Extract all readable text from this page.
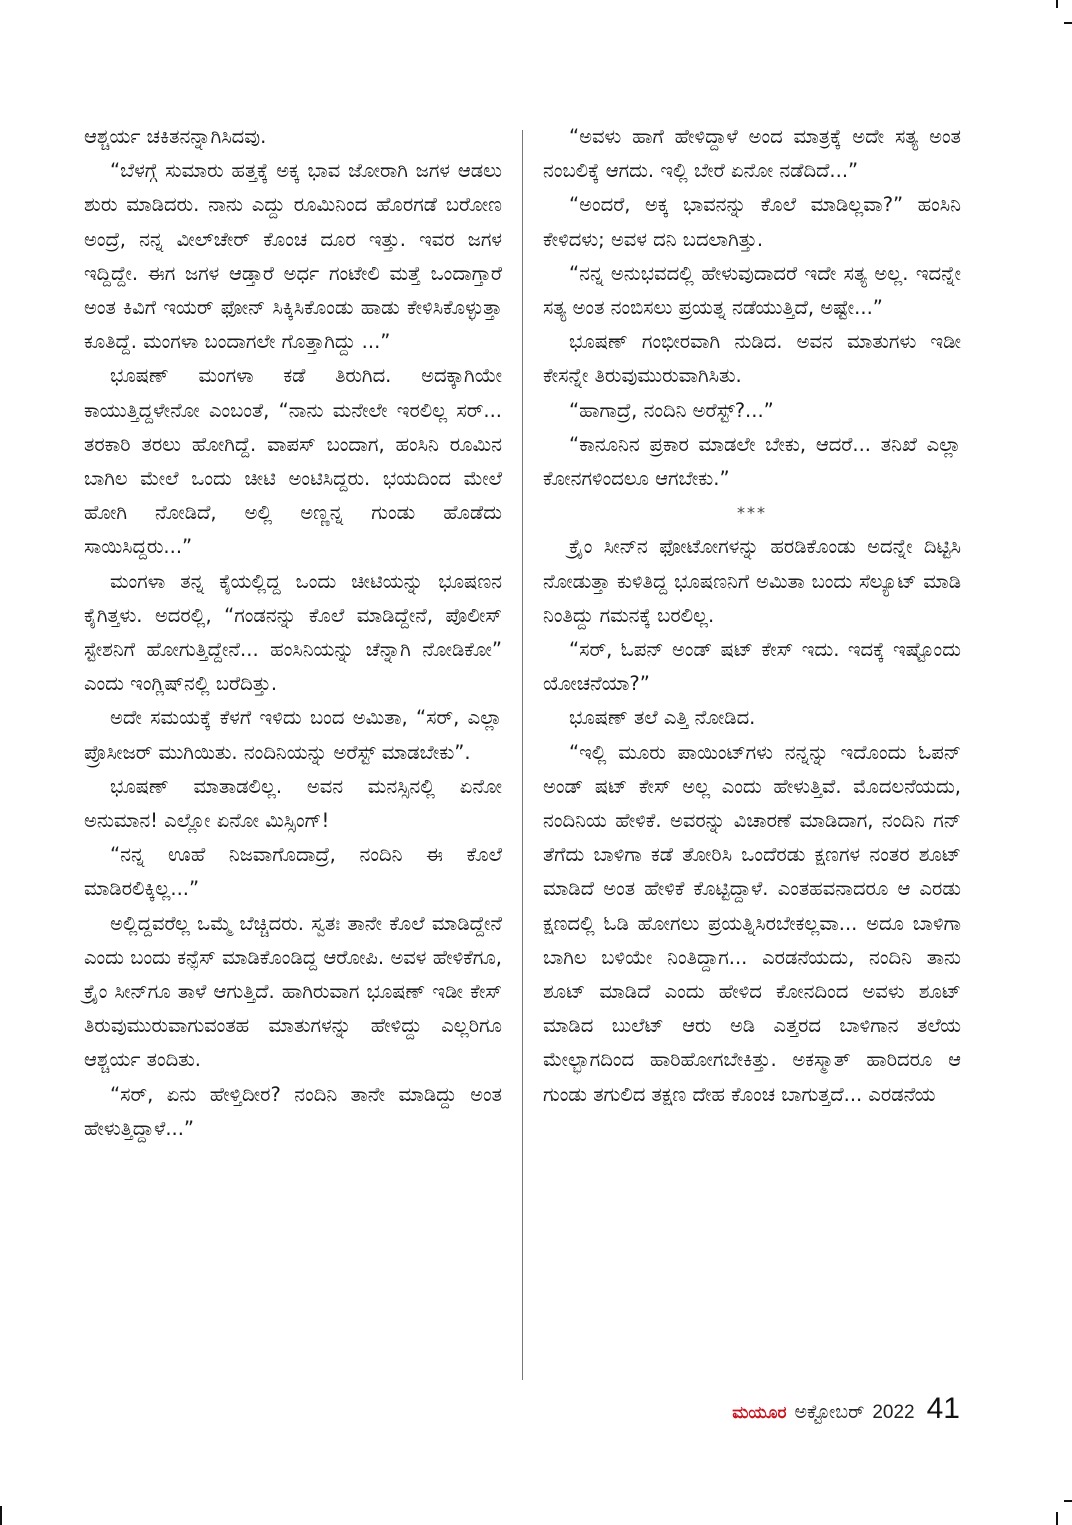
ಆಶ್ಚರ್ಯ ಚಕಿತನನ್ನಾಗಿಸಿದವು.

“ಬೆಳಗ್ಗೆ ಸುಮಾರು ಹತ್ತಕ್ಕೆ ಅಕ್ಕ ಭಾವ ಜೋರಾಗಿ ಜಗಳ ಆಡಲು ಶುರು ಮಾಡಿದರು. ನಾನು ಎದ್ದು ರೂಮಿನಿಂದ ಹೊರಗಡೆ ಬರೋಣ ಅಂದ್ರೆ, ನನ್ನ ವೀಲ್‌ಚೇರ್ ಕೊಂಚ ದೂರ ಇತ್ತು. ಇವರ ಜಗಳ ಇದ್ದಿದ್ದೇ. ಈಗ ಜಗಳ ಆಡ್ತಾರೆ ಅರ್ಧ ಗಂಟೇಲಿ ಮತ್ತೆ ಒಂದಾಗ್ತಾರೆ ಅಂತ ಕಿವಿಗೆ ಇಯರ್ ಫೋನ್ ಸಿಕ್ಕಿಸಿಕೊಂಡು ಹಾಡು ಕೇಳಿಸಿಕೊಳ್ಳುತ್ತಾ ಕೂತಿದ್ದೆ. ಮಂಗಳಾ ಬಂದಾಗಲೇ ಗೊತ್ತಾಗಿದ್ದು ...”

ಭೂಷಣ್ ಮಂಗಳಾ ಕಡೆ ತಿರುಗಿದ. ಅದಕ್ಕಾಗಿಯೇ ಕಾಯುತ್ತಿದ್ದಳೇನೋ ಎಂಬಂತೆ, “ನಾನು ಮನೇಲೇ ಇರಲಿಲ್ಲ ಸರ್... ತರಕಾರಿ ತರಲು ಹೋಗಿದ್ದೆ. ವಾಪಸ್ ಬಂದಾಗ, ಹಂಸಿನಿ ರೂಮಿನ ಬಾಗಿಲ ಮೇಲೆ ಒಂದು ಚೀಟಿ ಅಂಟಿಸಿದ್ದರು. ಭಯದಿಂದ ಮೇಲೆ ಹೋಗಿ ನೋಡಿದೆ, ಅಲ್ಲಿ ಅಣ್ಣನ್ನ ಗುಂಡು ಹೊಡೆದು ಸಾಯಿಸಿದ್ದರು...”

ಮಂಗಳಾ ತನ್ನ ಕೈಯಲ್ಲಿದ್ದ ಒಂದು ಚೀಟಿಯನ್ನು ಭೂಷಣನ ಕೈಗಿತ್ತಳು. ಅದರಲ್ಲಿ, “ಗಂಡನನ್ನು ಕೊಲೆ ಮಾಡಿದ್ದೇನೆ, ಪೊಲೀಸ್ ಸ್ಟೇಶನಿಗೆ ಹೋಗುತ್ತಿದ್ದೇನೆ... ಹಂಸಿನಿಯನ್ನು ಚೆನ್ನಾಗಿ ನೋಡಿಕೋ” ಎಂದು ಇಂಗ್ಲಿಷ್‌ನಲ್ಲಿ ಬರೆದಿತ್ತು.

ಅದೇ ಸಮಯಕ್ಕೆ ಕೆಳಗೆ ಇಳಿದು ಬಂದ ಅಮಿತಾ, “ಸರ್, ಎಲ್ಲಾ ಪ್ರೊಸೀಜರ್ ಮುಗಿಯಿತು. ನಂದಿನಿಯನ್ನು ಅರೆಸ್ಟ್ ಮಾಡಬೇಕು”.

ಭೂಷಣ್ ಮಾತಾಡಲಿಲ್ಲ. ಅವನ ಮನಸ್ಸಿನಲ್ಲಿ ಏನೋ ಅನುಮಾನ! ಎಲ್ಲೋ ಏನೋ ಮಿಸ್ಸಿಂಗ್!

“ನನ್ನ ಊಹೆ ನಿಜವಾಗೊದಾದ್ರೆ, ನಂದಿನಿ ಈ ಕೊಲೆ ಮಾಡಿರಲಿಕ್ಕಿಲ್ಲ...”

ಅಲ್ಲಿದ್ದವರೆಲ್ಲ ಒಮ್ಮೆ ಬೆಚ್ಚಿದರು. ಸ್ವತಃ ತಾನೇ ಕೊಲೆ ಮಾಡಿದ್ದೇನೆ ಎಂದು ಬಂದು ಕನ್ಫೆಸ್ ಮಾಡಿಕೊಂಡಿದ್ದ ಆರೋಪಿ. ಅವಳ ಹೇಳಿಕೆಗೂ, ಕ್ರೈಂ ಸೀನ್‌ಗೂ ತಾಳೆ ಆಗುತ್ತಿದೆ. ಹಾಗಿರುವಾಗ ಭೂಷಣ್ ಇಡೀ ಕೇಸ್ ತಿರುವುಮುರುವಾಗುವಂತಹ ಮಾತುಗಳನ್ನು ಹೇಳಿದ್ದು ಎಲ್ಲರಿಗೂ ಆಶ್ಚರ್ಯ ತಂದಿತು.

“ಸರ್, ಏನು ಹೇಳ್ತಿದೀರ? ನಂದಿನಿ ತಾನೇ ಮಾಡಿದ್ದು ಅಂತ ಹೇಳುತ್ತಿದ್ದಾಳೆ...”

“ಅವಳು ಹಾಗೆ ಹೇಳಿದ್ದಾಳೆ ಅಂದ ಮಾತ್ರಕ್ಕೆ ಅದೇ ಸತ್ಯ ಅಂತ ನಂಬಲಿಕ್ಕೆ ಆಗದು. ಇಲ್ಲಿ ಬೇರೆ ಏನೋ ನಡೆದಿದೆ...”

“ಅಂದರೆ, ಅಕ್ಕ ಭಾವನನ್ನು ಕೊಲೆ ಮಾಡಿಲ್ಲವಾ?” ಹಂಸಿನಿ ಕೇಳಿದಳು; ಅವಳ ದನಿ ಬದಲಾಗಿತ್ತು.

“ನನ್ನ ಅನುಭವದಲ್ಲಿ ಹೇಳುವುದಾದರೆ ಇದೇ ಸತ್ಯ ಅಲ್ಲ. ಇದನ್ನೇ ಸತ್ಯ ಅಂತ ನಂಬಿಸಲು ಪ್ರಯತ್ನ ನಡೆಯುತ್ತಿದೆ, ಅಷ್ಟೇ...”

ಭೂಷಣ್ ಗಂಭೀರವಾಗಿ ನುಡಿದ. ಅವನ ಮಾತುಗಳು ಇಡೀ ಕೇಸನ್ನೇ ತಿರುವುಮುರುವಾಗಿಸಿತು.

“ಹಾಗಾದ್ರೆ, ನಂದಿನಿ ಅರೆಸ್ಟ್?...”

“ಕಾನೂನಿನ ಪ್ರಕಾರ ಮಾಡಲೇ ಬೇಕು, ಆದರೆ... ತನಿಖೆ ಎಲ್ಲಾ ಕೋನಗಳಿಂದಲೂ ಆಗಬೇಕು.”

***

ಕ್ರೈಂ ಸೀನ್‌ನ ಫೋಟೋಗಳನ್ನು ಹರಡಿಕೊಂಡು ಅದನ್ನೇ ದಿಟ್ಟಿಸಿ ನೋಡುತ್ತಾ ಕುಳಿತಿದ್ದ ಭೂಷಣನಿಗೆ ಅಮಿತಾ ಬಂದು ಸೆಲ್ಯೂಟ್ ಮಾಡಿ ನಿಂತಿದ್ದು ಗಮನಕ್ಕೆ ಬರಲಿಲ್ಲ.

“ಸರ್, ಓಪನ್ ಅಂಡ್ ಷಟ್ ಕೇಸ್ ಇದು. ಇದಕ್ಕೆ ಇಷ್ಟೊಂದು ಯೋಚನೆಯಾ?”

ಭೂಷಣ್ ತಲೆ ಎತ್ತಿ ನೋಡಿದ.

“ಇಲ್ಲಿ ಮೂರು ಪಾಯಿಂಟ್‌ಗಳು ನನ್ನನ್ನು ಇದೊಂದು ಓಪನ್ ಅಂಡ್ ಷಟ್ ಕೇಸ್ ಅಲ್ಲ ಎಂದು ಹೇಳುತ್ತಿವೆ. ಮೊದಲನೆಯದು, ನಂದಿನಿಯ ಹೇಳಿಕೆ. ಅವರನ್ನು ವಿಚಾರಣೆ ಮಾಡಿದಾಗ, ನಂದಿನಿ ಗನ್ ತೆಗೆದು ಬಾಳಿಗಾ ಕಡೆ ತೋರಿಸಿ ಒಂದೆರಡು ಕ್ಷಣಗಳ ನಂತರ ಶೂಟ್ ಮಾಡಿದೆ ಅಂತ ಹೇಳಿಕೆ ಕೊಟ್ಟಿದ್ದಾಳೆ. ಎಂತಹವನಾದರೂ ಆ ಎರಡು ಕ್ಷಣದಲ್ಲಿ ಓಡಿ ಹೋಗಲು ಪ್ರಯತ್ನಿಸಿರಬೇಕಲ್ಲವಾ... ಅದೂ ಬಾಳಿಗಾ ಬಾಗಿಲ ಬಳಿಯೇ ನಿಂತಿದ್ದಾಗ... ಎರಡನೆಯದು, ನಂದಿನಿ ತಾನು ಶೂಟ್ ಮಾಡಿದೆ ಎಂದು ಹೇಳಿದ ಕೋನದಿಂದ ಅವಳು ಶೂಟ್ ಮಾಡಿದ ಬುಲೆಟ್ ಆರು ಅಡಿ ಎತ್ತರದ ಬಾಳಿಗಾನ ತಲೆಯ ಮೇಲ್ಭಾಗದಿಂದ ಹಾರಿಹೋಗಬೇಕಿತ್ತು. ಅಕಸ್ಮಾತ್ ಹಾರಿದರೂ ಆ ಗುಂಡು ತಗುಲಿದ ತಕ್ಷಣ ದೇಹ ಕೊಂಚ ಬಾಗುತ್ತದೆ... ಎರಡನೆಯ

ಮಯೂರ ಅಕ್ಟೋಬರ್ 2022 41
